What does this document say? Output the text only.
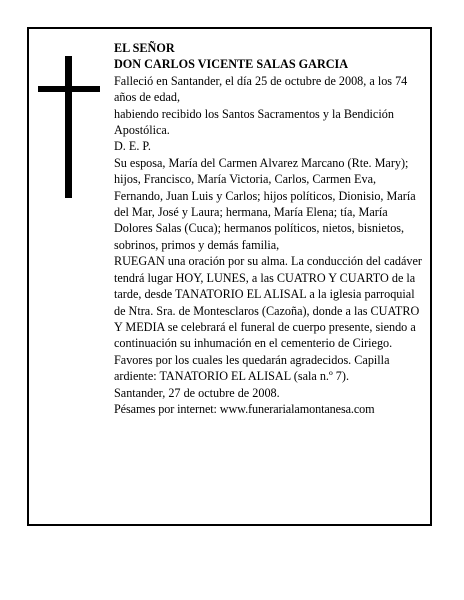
EL SEÑOR

DON CARLOS VICENTE SALAS GARCIA

Falleció en Santander, el día 25 de octubre de 2008, a los 74 años de edad,

habiendo recibido los Santos Sacramentos y la Bendición Apostólica.

D. E. P.

Su esposa, María del Carmen Alvarez Marcano (Rte. Mary); hijos, Francisco, María Victoria, Carlos, Carmen Eva, Fernando, Juan Luis y Carlos; hijos políticos, Dionisio, María del Mar, José y Laura; hermana, María Elena; tía, María Dolores Salas (Cuca); hermanos políticos, nietos, bisnietos, sobrinos, primos y demás familia,

RUEGAN una oración por su alma. La conducción del cadáver tendrá lugar HOY, LUNES, a las CUATRO Y CUARTO de la tarde, desde TANATORIO EL ALISAL a la iglesia parroquial de Ntra. Sra. de Montesclaros (Cazoña), donde a las CUATRO Y MEDIA se celebrará el funeral de cuerpo presente, siendo a continuación su inhumación en el cementerio de Ciriego. Favores por los cuales les quedarán agradecidos. Capilla ardiente: TANATORIO EL ALISAL (sala n.º 7).

Santander, 27 de octubre de 2008.

Pésames por internet: www.funerarialamontanesa.com
